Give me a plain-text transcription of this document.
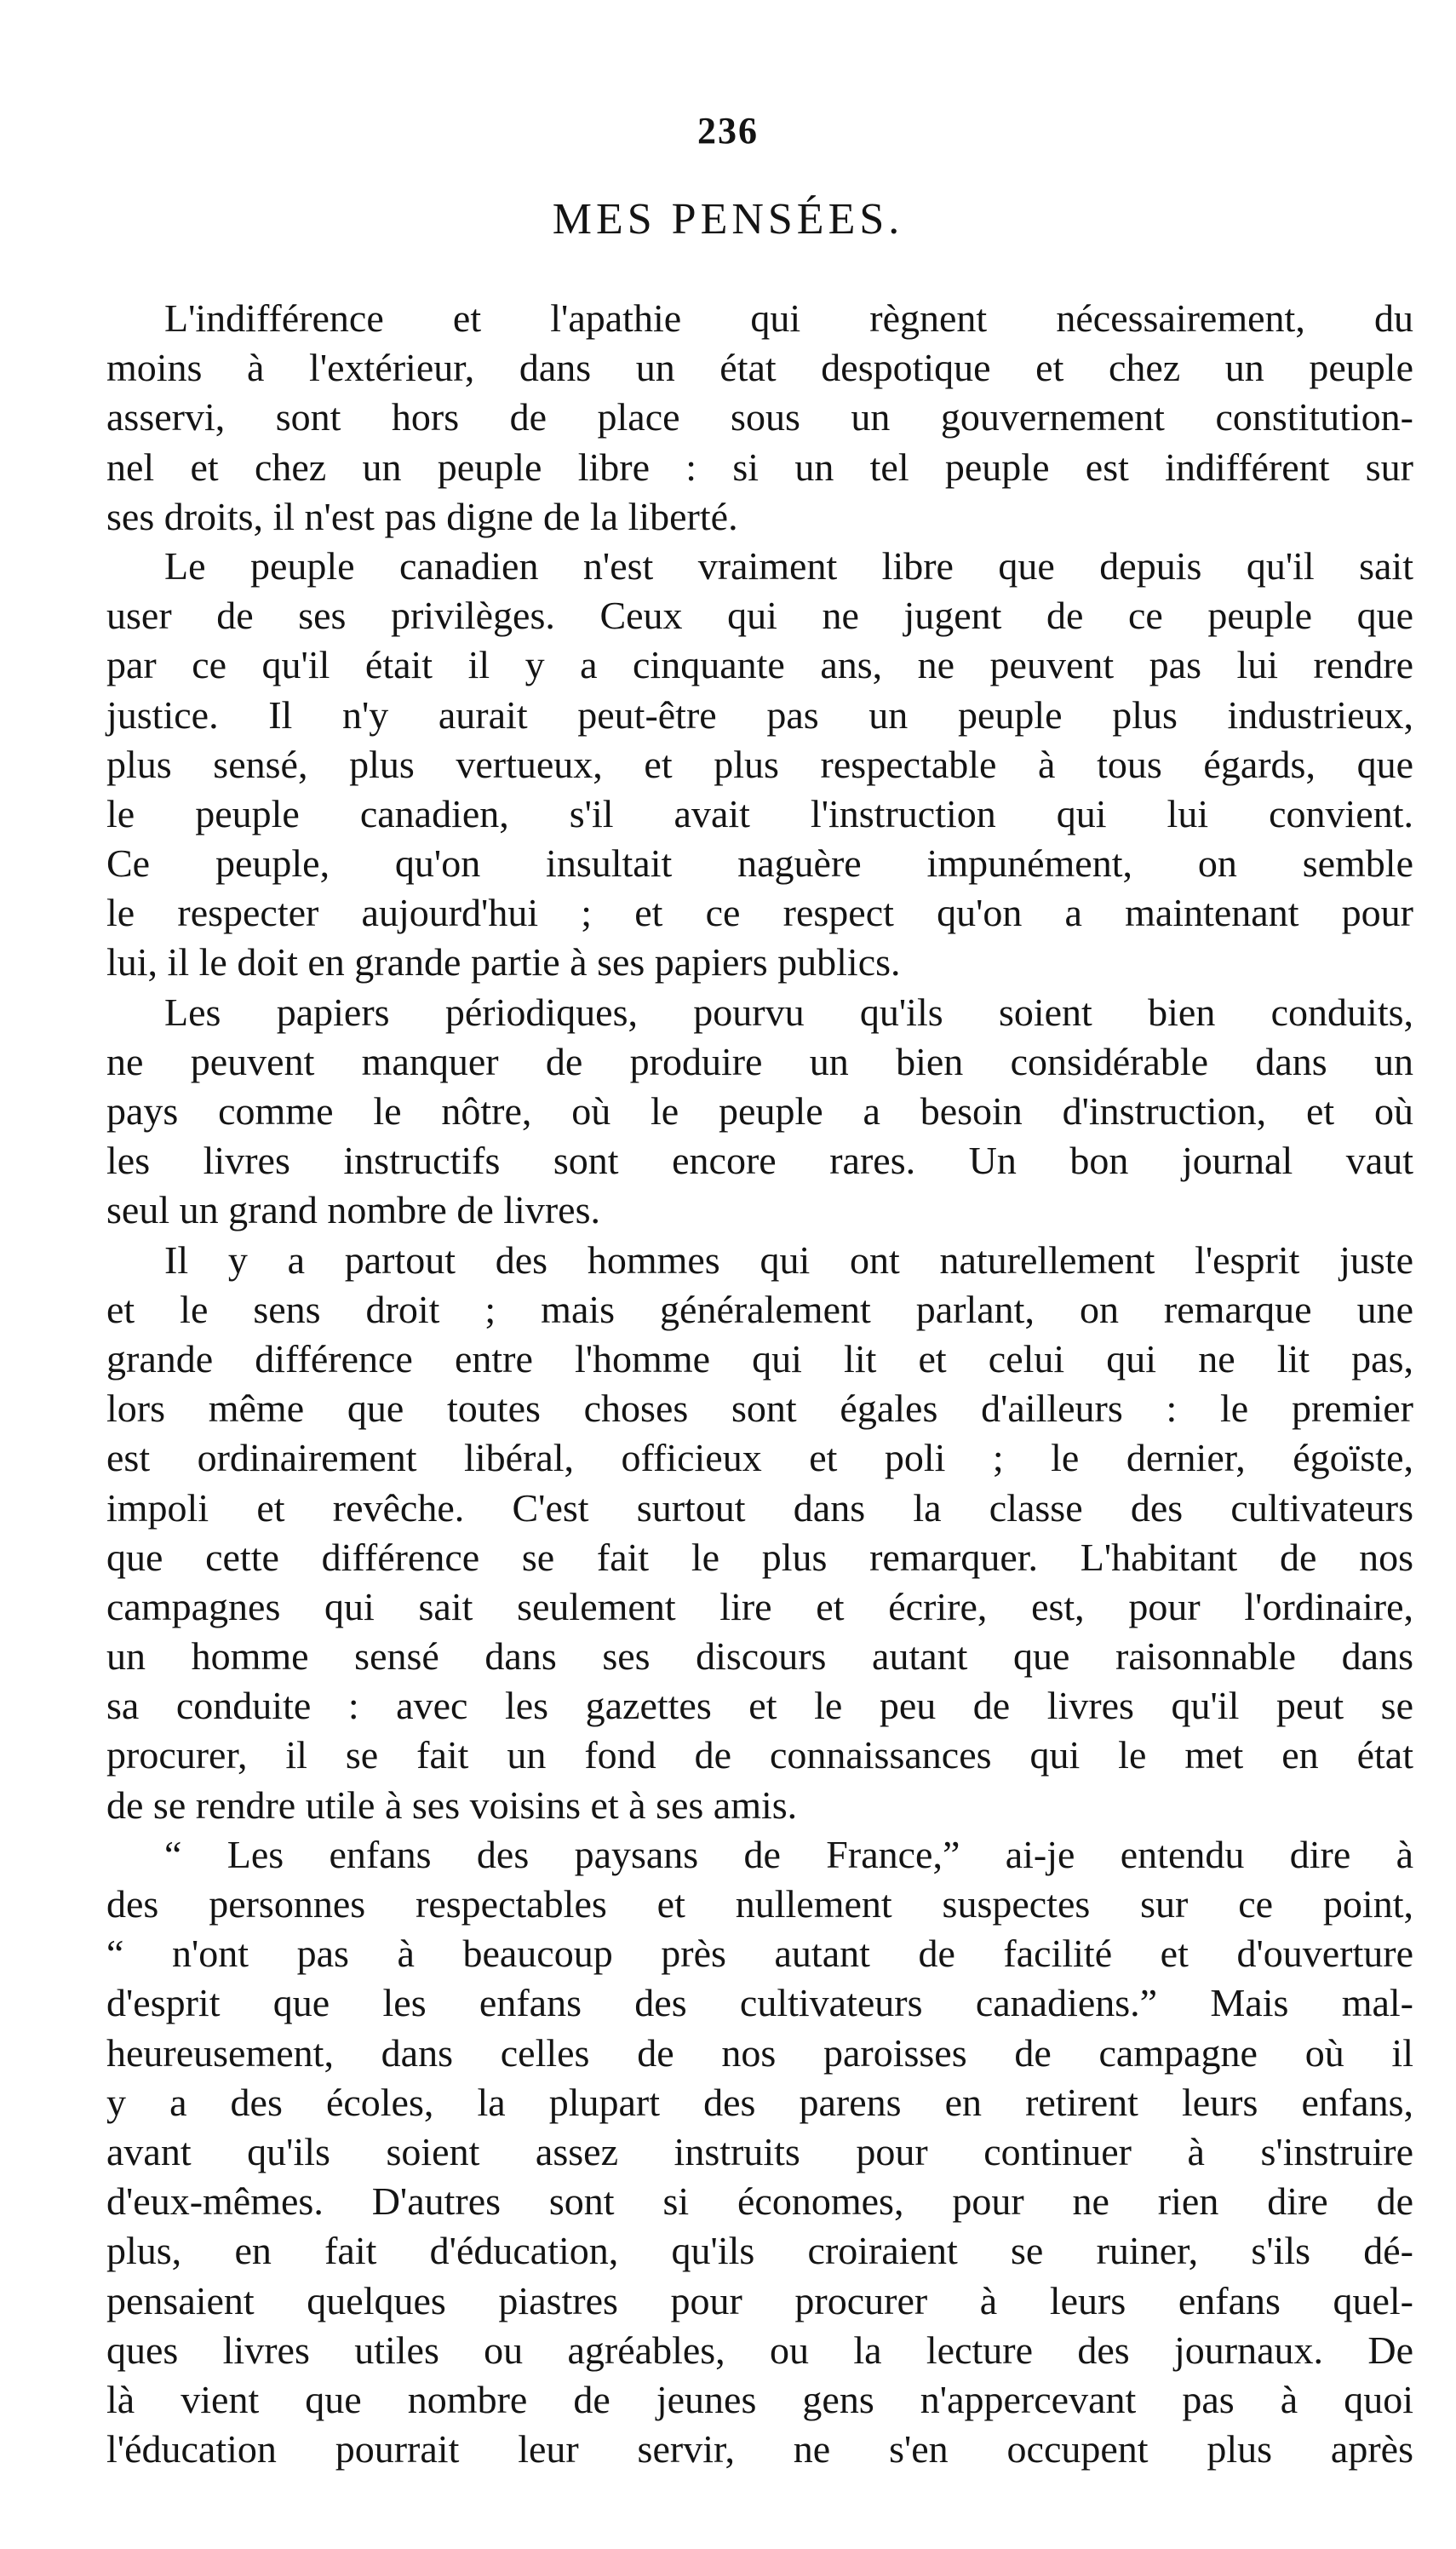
236
MES PENSÉES.
L'indifférence et l'apathie qui règnent nécessairement, du
moins à l'extérieur, dans un état despotique et chez un peuple
asservi, sont hors de place sous un gouvernement constitution-
nel et chez un peuple libre : si un tel peuple est indifférent sur
ses droits, il n'est pas digne de la liberté.
Le peuple canadien n'est vraiment libre que depuis qu'il sait
user de ses privilèges. Ceux qui ne jugent de ce peuple que
par ce qu'il était il y a cinquante ans, ne peuvent pas lui rendre
justice. Il n'y aurait peut-être pas un peuple plus industrieux,
plus sensé, plus vertueux, et plus respectable à tous égards, que
le peuple canadien, s'il avait l'instruction qui lui convient.
Ce peuple, qu'on insultait naguère impunément, on semble
le respecter aujourd'hui ; et ce respect qu'on a maintenant pour
lui, il le doit en grande partie à ses papiers publics.
Les papiers périodiques, pourvu qu'ils soient bien conduits,
ne peuvent manquer de produire un bien considérable dans un
pays comme le nôtre, où le peuple a besoin d'instruction, et où
les livres instructifs sont encore rares. Un bon journal vaut
seul un grand nombre de livres.
Il y a partout des hommes qui ont naturellement l'esprit juste
et le sens droit ; mais généralement parlant, on remarque une
grande différence entre l'homme qui lit et celui qui ne lit pas,
lors même que toutes choses sont égales d'ailleurs : le premier
est ordinairement libéral, officieux et poli ; le dernier, égoïste,
impoli et revêche. C'est surtout dans la classe des cultivateurs
que cette différence se fait le plus remarquer. L'habitant de nos
campagnes qui sait seulement lire et écrire, est, pour l'ordinaire,
un homme sensé dans ses discours autant que raisonnable dans
sa conduite : avec les gazettes et le peu de livres qu'il peut se
procurer, il se fait un fond de connaissances qui le met en état
de se rendre utile à ses voisins et à ses amis.
“ Les enfans des paysans de France,” ai-je entendu dire à
des personnes respectables et nullement suspectes sur ce point,
“ n'ont pas à beaucoup près autant de facilité et d'ouverture
d'esprit que les enfans des cultivateurs canadiens.” Mais mal-
heureusement, dans celles de nos paroisses de campagne où il
y a des écoles, la plupart des parens en retirent leurs enfans,
avant qu'ils soient assez instruits pour continuer à s'instruire
d'eux-mêmes. D'autres sont si économes, pour ne rien dire de
plus, en fait d'éducation, qu'ils croiraient se ruiner, s'ils dé-
pensaient quelques piastres pour procurer à leurs enfans quel-
ques livres utiles ou agréables, ou la lecture des journaux. De
là vient que nombre de jeunes gens n'appercevant pas à quoi
l'éducation pourrait leur servir, ne s'en occupent plus après
